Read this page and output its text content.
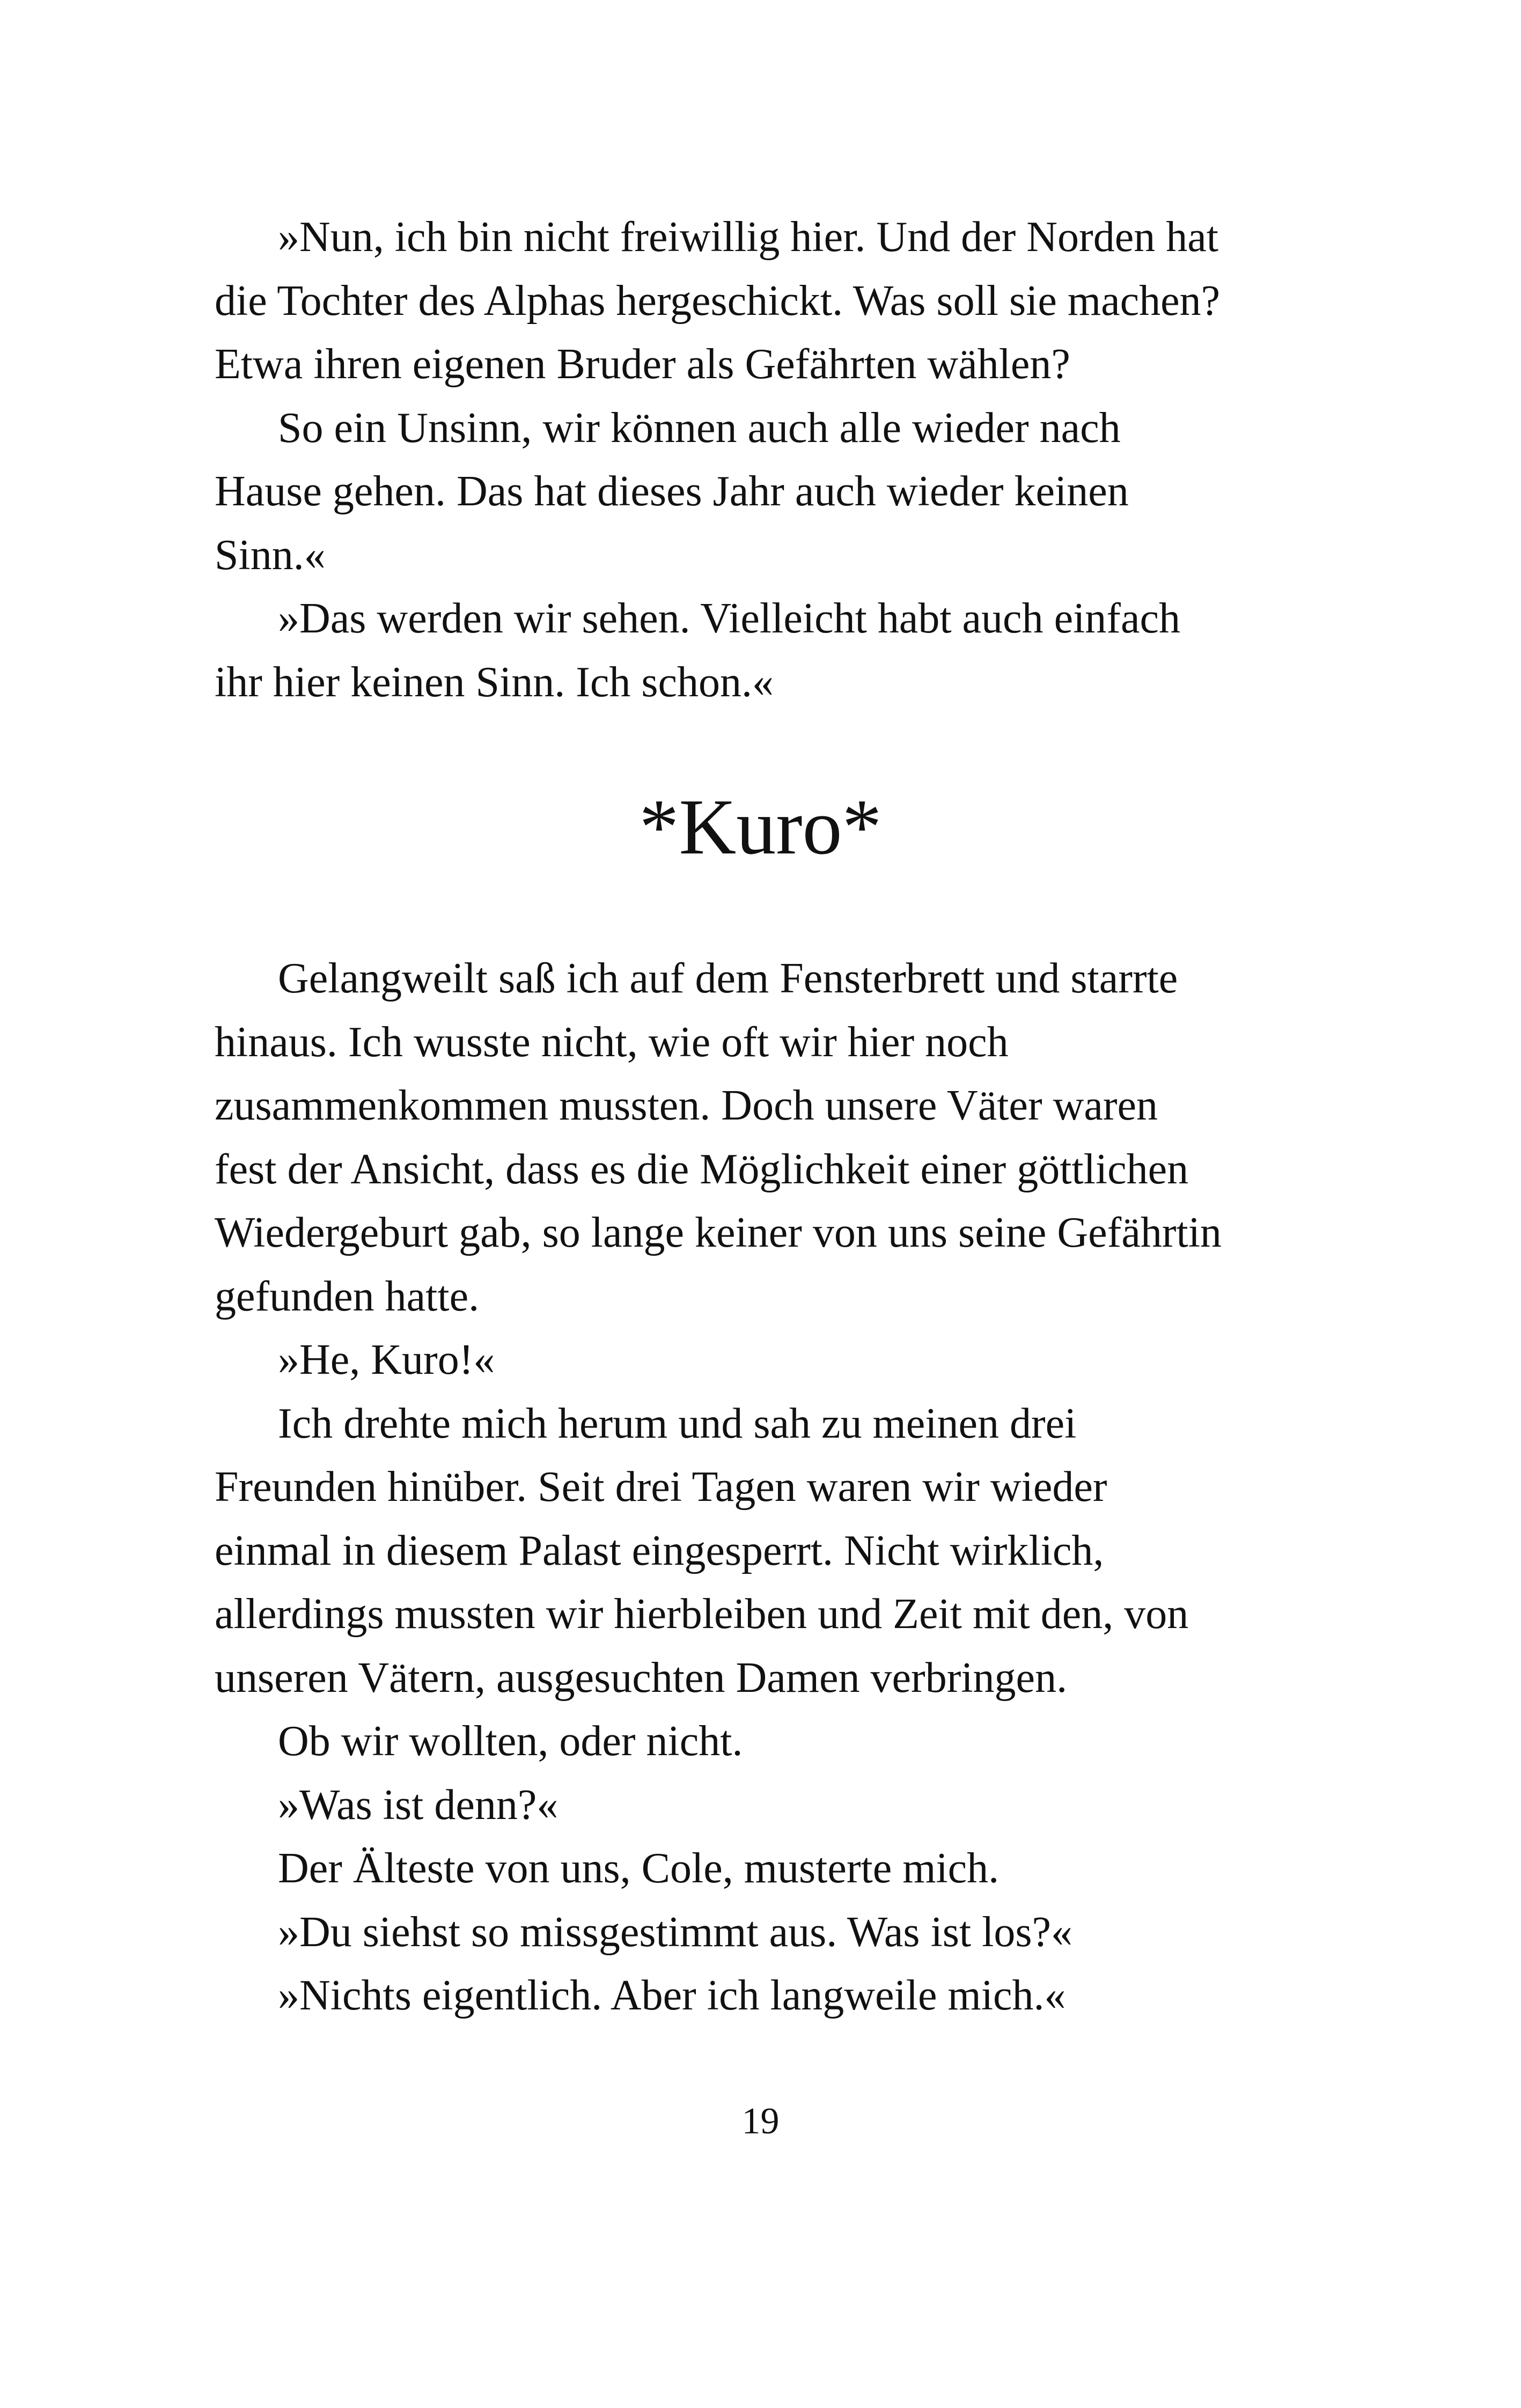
»Nun, ich bin nicht freiwillig hier. Und der Norden hat
die Tochter des Alphas hergeschickt. Was soll sie machen?
Etwa ihren eigenen Bruder als Gefährten wählen?
So ein Unsinn, wir können auch alle wieder nach
Hause gehen. Das hat dieses Jahr auch wieder keinen
Sinn.«
»Das werden wir sehen. Vielleicht habt auch einfach
ihr hier keinen Sinn. Ich schon.«
*Kuro*
Gelangweilt saß ich auf dem Fensterbrett und starrte
hinaus. Ich wusste nicht, wie oft wir hier noch
zusammenkommen mussten. Doch unsere Väter waren
fest der Ansicht, dass es die Möglichkeit einer göttlichen
Wiedergeburt gab, so lange keiner von uns seine Gefährtin
gefunden hatte.
»He, Kuro!«
Ich drehte mich herum und sah zu meinen drei
Freunden hinüber. Seit drei Tagen waren wir wieder
einmal in diesem Palast eingesperrt. Nicht wirklich,
allerdings mussten wir hierbleiben und Zeit mit den, von
unseren Vätern, ausgesuchten Damen verbringen.
Ob wir wollten, oder nicht.
»Was ist denn?«
Der Älteste von uns, Cole, musterte mich.
»Du siehst so missgestimmt aus. Was ist los?«
»Nichts eigentlich. Aber ich langweile mich.«
19
